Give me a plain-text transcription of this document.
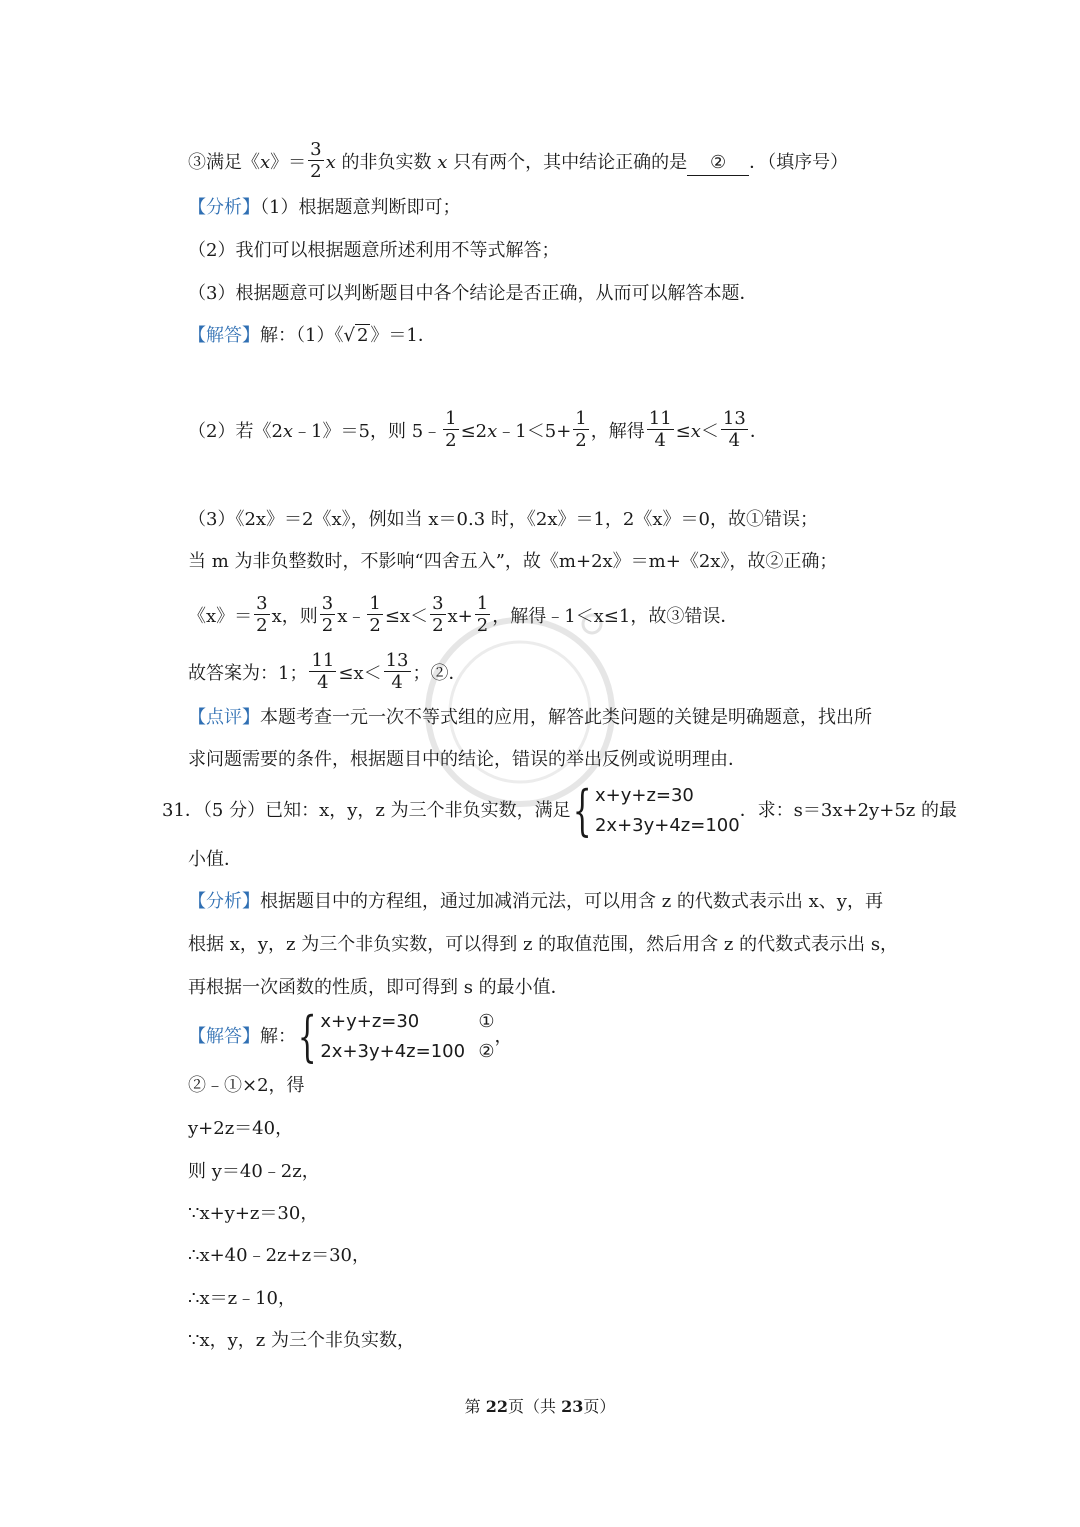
③满足《x》＝ $\frac{3}{2}$ x 的非负实数 x 只有两个，其中结论正确的是 ② ．（填序号）
【分析】（1）根据题意判断即可；
（2）我们可以根据题意所述利用不等式解答；
（3）根据题意可以判断题目中各个结论是否正确，从而可以解答本题．
【解答】解：（1）《√ 2 》＝1．
（2）若《2x﹣1》＝5，则 5﹣ $\frac{1}{2}$ ≤2x﹣1＜5+ $\frac{1}{2}$ ，解得 $\frac{11}{4} \le x< \frac{13}{4}$ ．
（3）《2x》＝2《x》，例如当 x＝0.3 时，《2x》＝1，2《x》＝0，故①错误；
当 m 为非负整数时，不影响“四舍五入”，故《m+2x》＝m+《2x》，故②正确；
《x》＝ $\frac{3}{2}$ x，则 $\frac{3}{2}$ x﹣ $\frac{1}{2} \le x< \frac{3}{2} x+ \frac{1}{2}$ ，解得﹣1＜x≤1，故③错误．
故答案为：1； $\frac{11}{4} \le x< \frac{13}{4}$ ；②．
【点评】本题考查一元一次不等式组的应用，解答此类问题的关键是明确题意，找出所
求问题需要的条件，根据题目中的结论，错误的举出反例或说明理由．
31．（5 分）已知：x，y，z 为三个非负实数，满足 { x+y+z=30
2x+3y+4z=100
．求：s＝3x+2y+5z 的最
小值．
【分析】根据题目中的方程组，通过加减消元法，可以用含 z 的代数式表示出 x、y，再
根据 x，y，z 为三个非负实数，可以得到 z 的取值范围，然后用含 z 的代数式表示出 s，
再根据一次函数的性质，即可得到 s 的最小值．
【解答】 解： { x+y+z=30	①
2x+3y+4z=100 ②
，
②﹣①×2，得
y+2z＝40，
则 y＝40﹣2z，
∵x+y+z＝30，
∴x+40﹣2z+z＝30，
∴x＝z﹣10，
∵x，y，z 为三个非负实数，
第 22页（共 23页）
